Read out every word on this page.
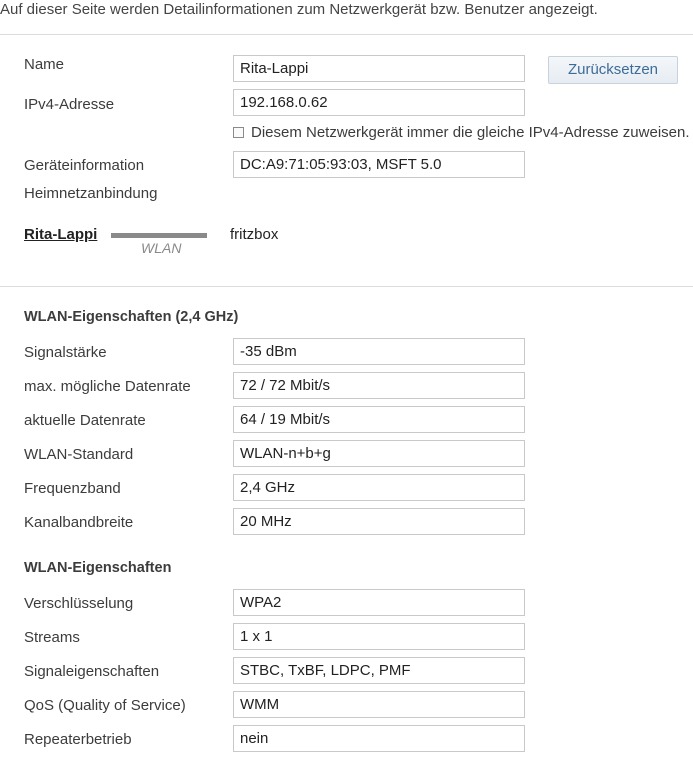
Auf dieser Seite werden Detailinformationen zum Netzwerkgerät bzw. Benutzer angezeigt.
Name	Rita-Lappi	Zurücksetzen
IPv4-Adresse	192.168.0.62
Diesem Netzwerkgerät immer die gleiche IPv4-Adresse zuweisen.
Geräteinformation	DC:A9:71:05:93:03, MSFT 5.0
Heimnetzanbindung
Rita-Lappi
WLAN
fritzbox
WLAN-Eigenschaften (2,4 GHz)
Signalstärke	-35 dBm
max. mögliche Datenrate	72 / 72 Mbit/s
aktuelle Datenrate	64 / 19 Mbit/s
WLAN-Standard	WLAN-n+b+g
Frequenzband	2,4 GHz
Kanalbandbreite	20 MHz
WLAN-Eigenschaften
Verschlüsselung	WPA2
Streams	1 x 1
Signaleigenschaften	STBC, TxBF, LDPC, PMF
QoS (Quality of Service)	WMM
Repeaterbetrieb	nein
